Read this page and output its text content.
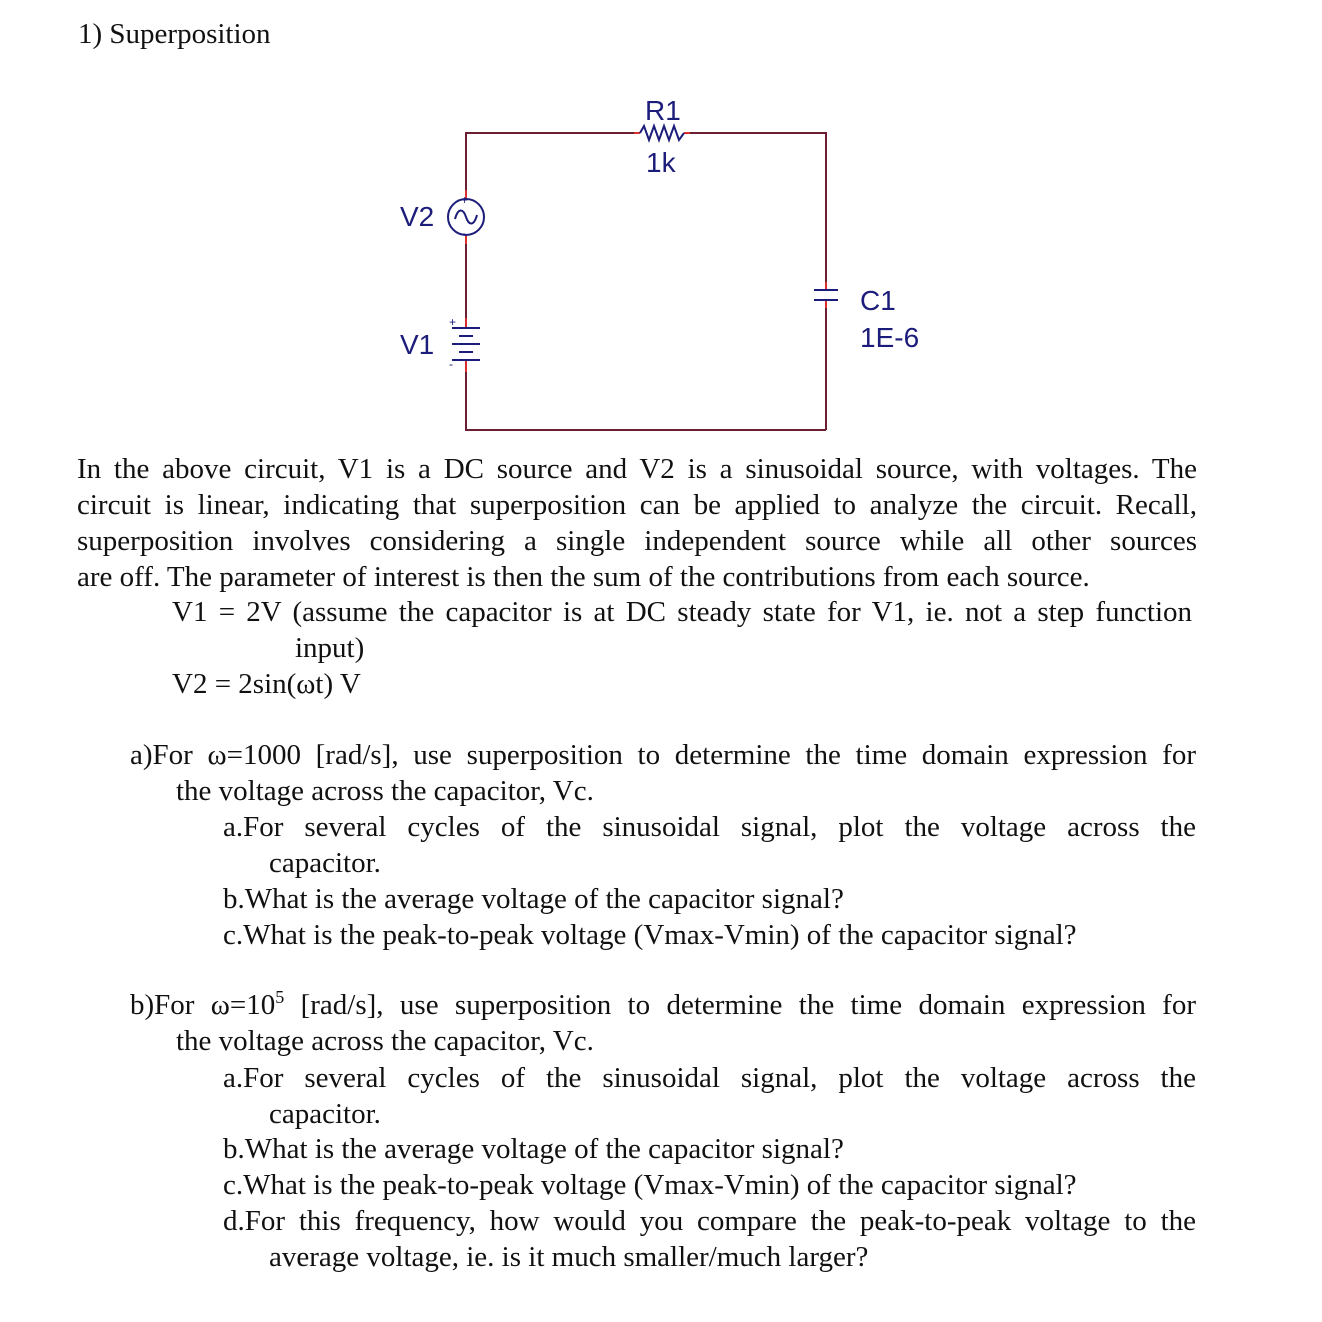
1) Superposition
R1
1k
+
-
V2
+
-
V1
C1
1E-6

In the above circuit, V1 is a DC source and V2 is a sinusoidal source, with voltages. The

circuit is linear, indicating that superposition can be applied to analyze the circuit. Recall,

superposition involves considering a single independent source while all other sources

are off. The parameter of interest is then the sum of the contributions from each source.

V1 = 2V (assume the capacitor is at DC steady state for V1, ie. not a step function
input)
V2 = 2sin(ωt) V
a)For ω=1000 [rad/s], use superposition to determine the time domain expression for
the voltage across the capacitor, Vc.
a.For several cycles of the sinusoidal signal, plot the voltage across the
capacitor.
b.What is the average voltage of the capacitor signal?
c.What is the peak-to-peak voltage (Vmax-Vmin) of the capacitor signal?
b)For $\omega=10^5$ [rad/s], use superposition to determine the time domain expression for
the voltage across the capacitor, Vc.
a.For several cycles of the sinusoidal signal, plot the voltage across the
capacitor.
b.What is the average voltage of the capacitor signal?
c.What is the peak-to-peak voltage (Vmax-Vmin) of the capacitor signal?
d.For this frequency, how would you compare the peak-to-peak voltage to the
average voltage, ie. is it much smaller/much larger?
